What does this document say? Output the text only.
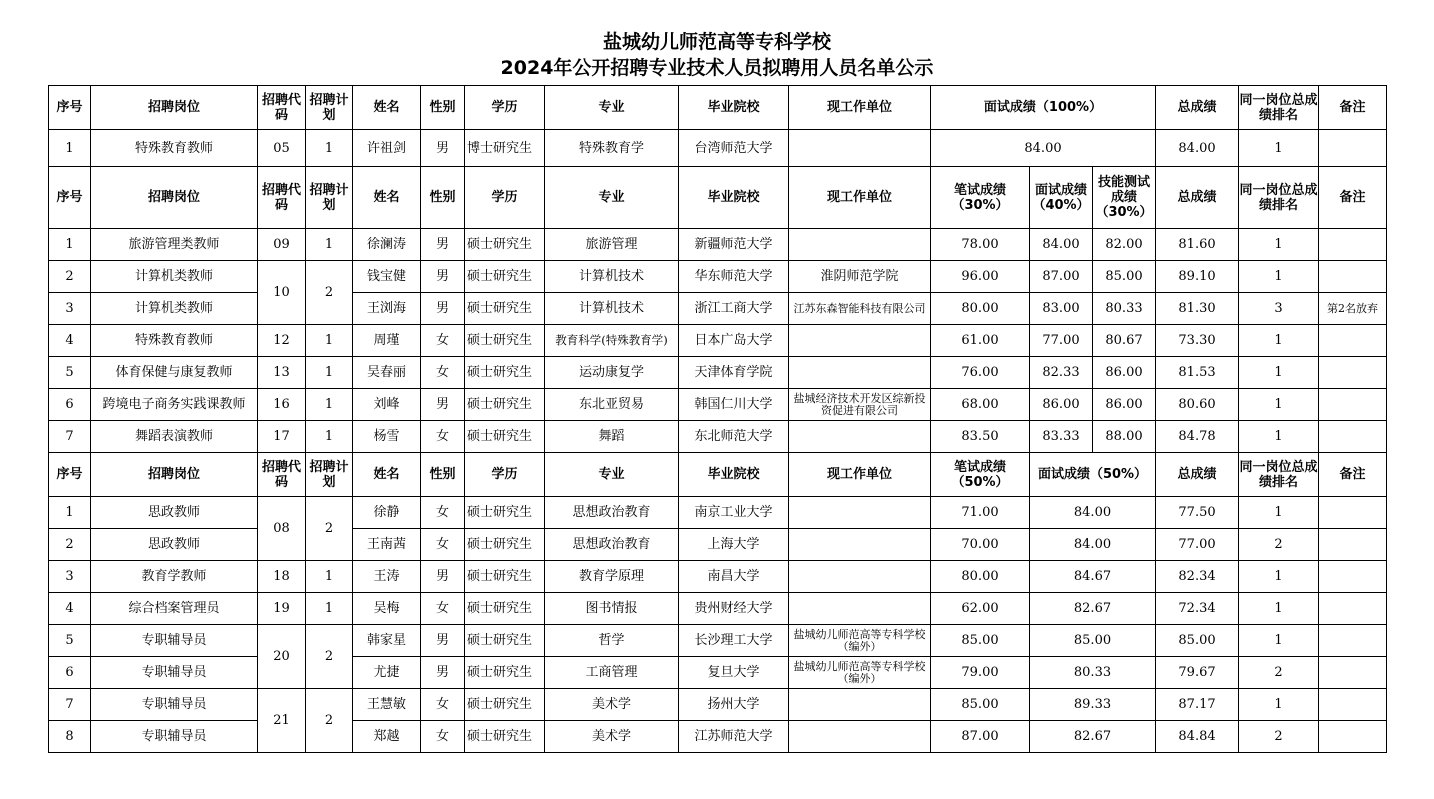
盐城幼儿师范高等专科学校
2024年公开招聘专业技术人员拟聘用人员名单公示
序号	招聘岗位	招聘代码	招聘计划	姓名	性别	学历	专业	毕业院校	现工作单位	面试成绩（100%）			总成绩	同一岗位总成绩排名	备注
1	特殊教育教师	05	1	许祖剑	男	博士研究生	特殊教育学	台湾师范大学		84.00			84.00	1	
序号	招聘岗位	招聘代码	招聘计划	姓名	性别	学历	专业	毕业院校	现工作单位	笔试成绩（30%）	面试成绩（40%）	技能测试成绩（30%）	总成绩	同一岗位总成绩排名	备注
1	旅游管理类教师	09	1	徐澜涛	男	硕士研究生	旅游管理	新疆师范大学		78.00	84.00	82.00	81.60	1	
2	计算机类教师	10	2	钱宝健	男	硕士研究生	计算机技术	华东师范大学	淮阴师范学院	96.00	87.00	85.00	89.10	1	
3	计算机类教师			王浏海	男	硕士研究生	计算机技术	浙江工商大学	江苏东森智能科技有限公司	80.00	83.00	80.33	81.30	3	第2名放弃
4	特殊教育教师	12	1	周瑾	女	硕士研究生	教育科学(特殊教育学)	日本广岛大学		61.00	77.00	80.67	73.30	1	
5	体育保健与康复教师	13	1	吴春丽	女	硕士研究生	运动康复学	天津体育学院		76.00	82.33	86.00	81.53	1	
6	跨境电子商务实践课教师	16	1	刘峰	男	硕士研究生	东北亚贸易	韩国仁川大学	盐城经济技术开发区综新投资促进有限公司	68.00	86.00	86.00	80.60	1	
7	舞蹈表演教师	17	1	杨雪	女	硕士研究生	舞蹈	东北师范大学		83.50	83.33	88.00	84.78	1	
序号	招聘岗位	招聘代码	招聘计划	姓名	性别	学历	专业	毕业院校	现工作单位	笔试成绩（50%）	面试成绩（50%）		总成绩	同一岗位总成绩排名	备注
1	思政教师	08	2	徐静	女	硕士研究生	思想政治教育	南京工业大学		71.00	84.00		77.50	1	
2	思政教师			王南茜	女	硕士研究生	思想政治教育	上海大学		70.00	84.00		77.00	2	
3	教育学教师	18	1	王涛	男	硕士研究生	教育学原理	南昌大学		80.00	84.67		82.34	1	
4	综合档案管理员	19	1	吴梅	女	硕士研究生	图书情报	贵州财经大学		62.00	82.67		72.34	1	
5	专职辅导员	20	2	韩家星	男	硕士研究生	哲学	长沙理工大学	盐城幼儿师范高等专科学校（编外）	85.00	85.00		85.00	1	
6	专职辅导员			尤捷	男	硕士研究生	工商管理	复旦大学	盐城幼儿师范高等专科学校（编外）	79.00	80.33		79.67	2	
7	专职辅导员	21	2	王慧敏	女	硕士研究生	美术学	扬州大学		85.00	89.33		87.17	1	
8	专职辅导员			郑越	女	硕士研究生	美术学	江苏师范大学		87.00	82.67		84.84	2	
